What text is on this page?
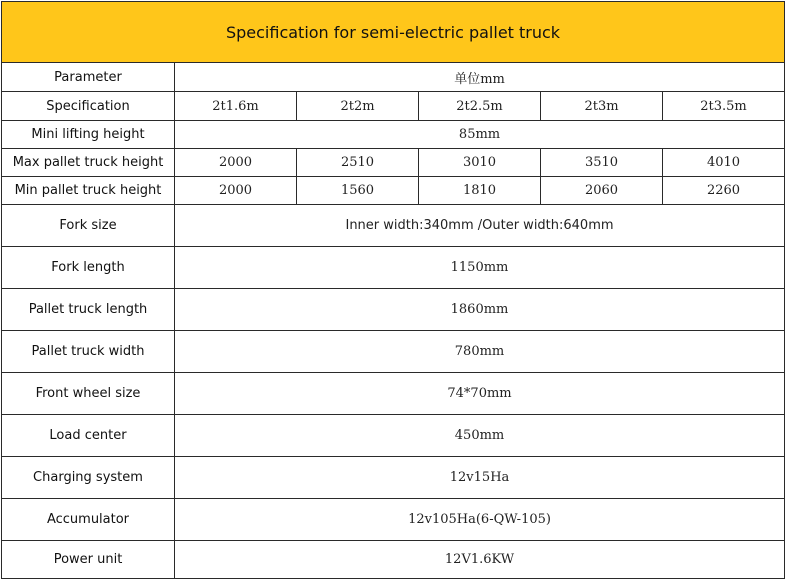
Specification for semi-electric pallet truck					
Parameter	单位mm				
Specification	2t1.6m	2t2m	2t2.5m	2t3m	2t3.5m
Mini lifting height	85mm				
Max pallet truck height	2000	2510	3010	3510	4010
Min pallet truck height	2000	1560	1810	2060	2260
Fork size	Inner width:340mm /Outer width:640mm				
Fork length	1150mm				
Pallet truck length	1860mm				
Pallet truck width	780mm				
Front wheel size	74*70mm				
Load center	450mm				
Charging system	12v15Ha				
Accumulator	12v105Ha(6-QW-105)				
Power unit	12V1.6KW				
